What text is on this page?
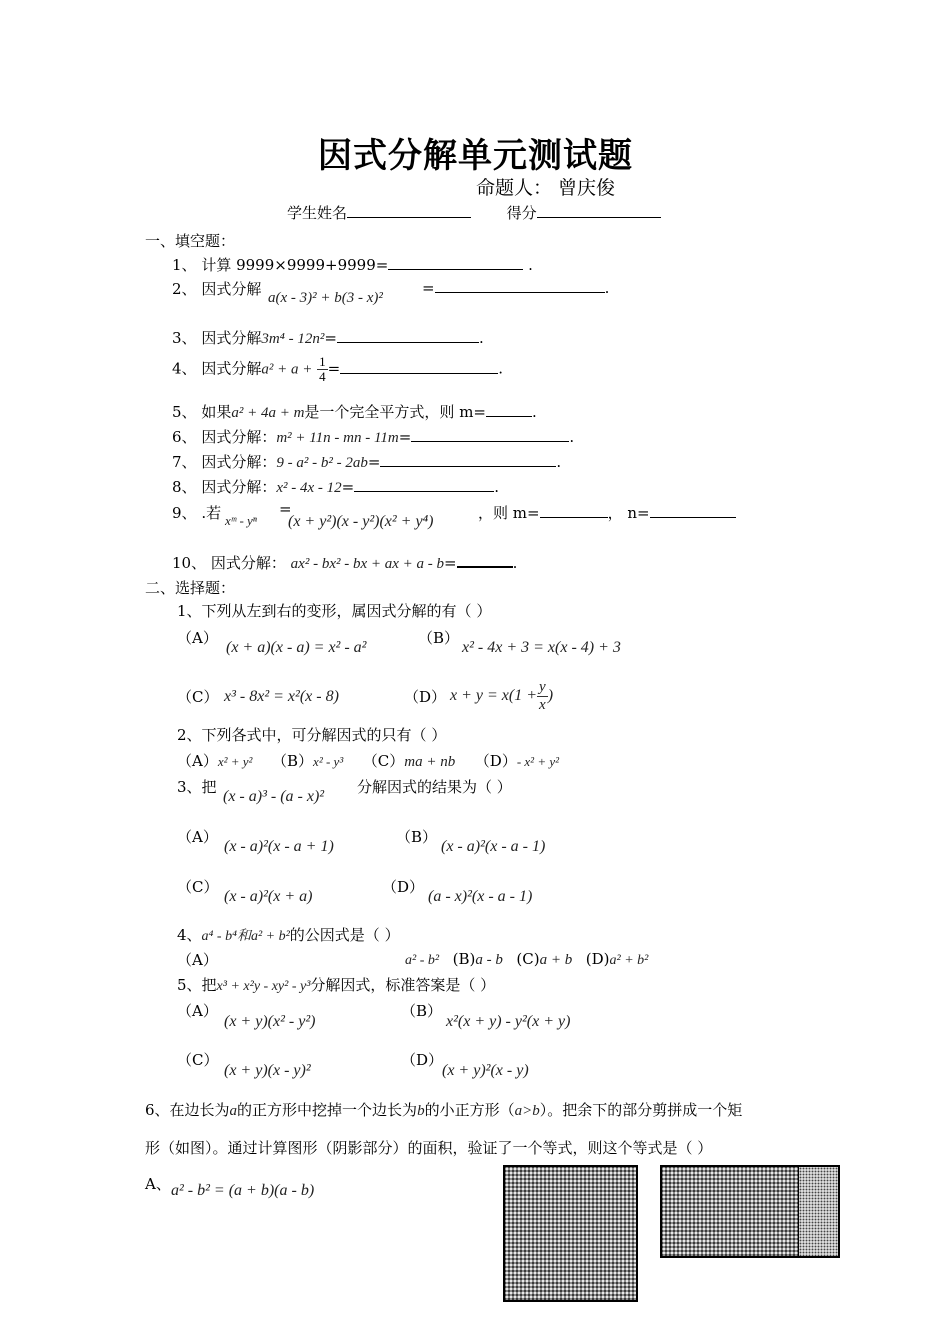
因式分解单元测试题
命题人： 曾庆俊
学生姓名	得分
一、填空题：
1、 计算 9999×9999+9999=	.
2、 因式分解 a(x - 3)² + b(3 - x)²
=	.
3、 因式分解3m⁴ - 12n²=	.
4、 因式分解$a^2 + a + \frac{1}{4}$ =	.
5、 如果a² + 4a + m是一个完全平方式，则 m=	.
6、 因式分解：m² + 11n - mn - 11m=	.
7、 因式分解：9 - a² - b² - 2ab=	.
8、 因式分解：x² - 4x - 12=	.
9、 .若 xᵐ - yⁿ
=
(x + y²)(x - y²)(x² + y⁴)	，则 m=	， n=
10、 因式分解： ax² - bx² - bx + ax + a - b=	.
二、选择题：
1、下列从左到右的变形，属因式分解的有（ ）
（A）
(x + a)(x - a) = x² - a²
（B）
x² - 4x + 3 = x(x - 4) + 3
（C） x³ - 8x² = x²(x - 8)	（D） $x + y = x(1 + \frac{y}{x}$ )
2、下列各式中，可分解因式的只有（ ）
（A）x² + y² （B）x² - y³ （C）ma + nb （D）- x² + y²
3、把
(x - a)³ - (a - x)²
分解因式的结果为（ ）
（A）
(x - a)²(x - a + 1)
（B）
(x - a)²(x - a - 1)
（C）
(x - a)²(x + a)
（D）
(a - x)²(x - a - 1)
4、a⁴ - b⁴和a² + b²的公因式是（ ）
（A）	a² - b² (B)a - b (C)a + b (D)a² + b²
5、把x³ + x²y - xy² - y³分解因式，标准答案是（ ）
（A）
(x + y)(x² - y²)
（B）
x²(x + y) - y²(x + y)
（C）
(x + y)(x - y)²
（D）
(x + y)²(x - y)
6、在边长为a的正方形中挖掉一个边长为b的小正方形（a>b）。把余下的部分剪拼成一个矩
形（如图）。通过计算图形（阴影部分）的面积，验证了一个等式，则这个等式是（ ）
A、 a² - b² = (a + b)(a - b)
